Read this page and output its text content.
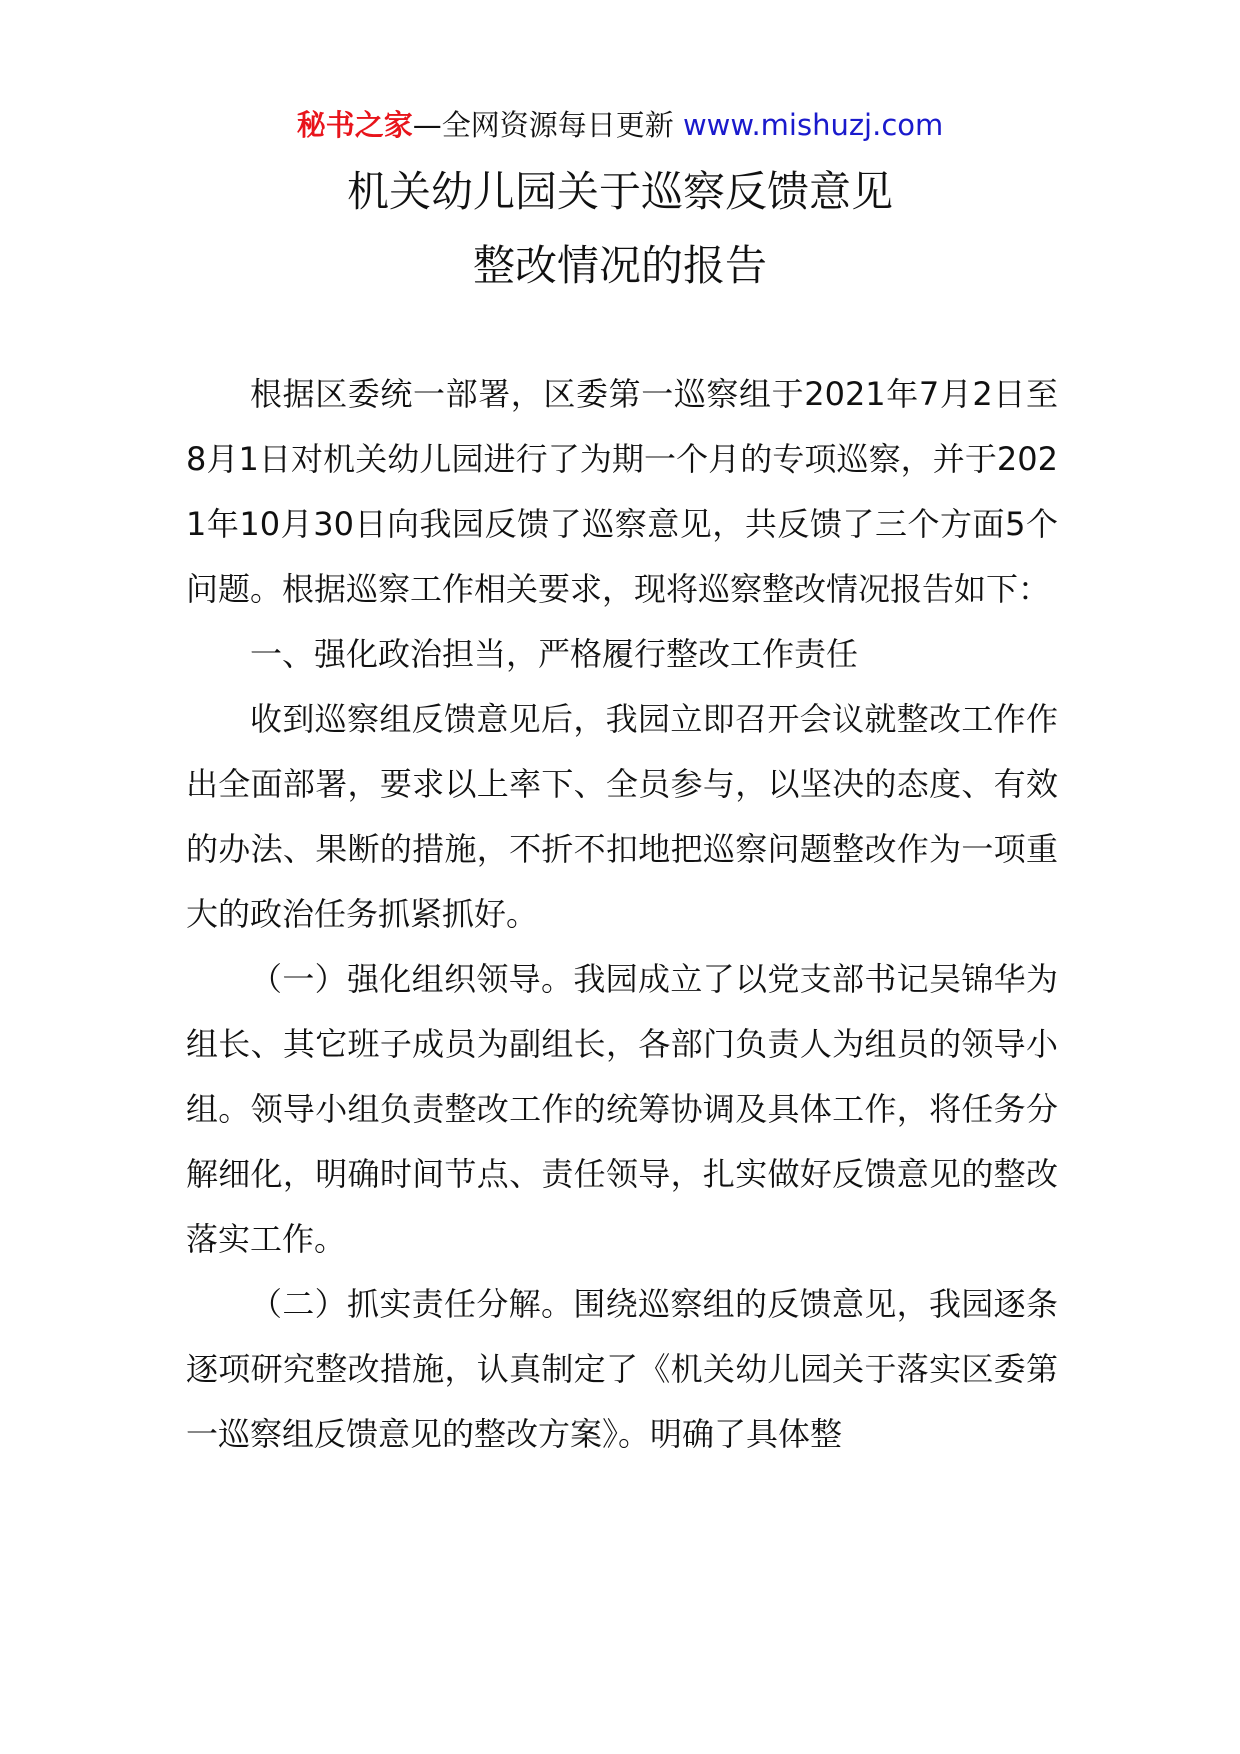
秘书之家—全网资源每日更新 www.mishuzj.com
机关幼儿园关于巡察反馈意见
整改情况的报告

根据区委统一部署，区委第一巡察组于2021年7月2日至8月1日对机关幼儿园进行了为期一个月的专项巡察，并于2021年10月30日向我园反馈了巡察意见，共反馈了三个方面5个问题。根据巡察工作相关要求，现将巡察整改情况报告如下：

一、强化政治担当，严格履行整改工作责任

收到巡察组反馈意见后，我园立即召开会议就整改工作作出全面部署，要求以上率下、全员参与，以坚决的态度、有效的办法、果断的措施，不折不扣地把巡察问题整改作为一项重大的政治任务抓紧抓好。

（一）强化组织领导。我园成立了以党支部书记吴锦华为组长、其它班子成员为副组长，各部门负责人为组员的领导小组。领导小组负责整改工作的统筹协调及具体工作，将任务分解细化，明确时间节点、责任领导，扎实做好反馈意见的整改落实工作。

（二）抓实责任分解。围绕巡察组的反馈意见，我园逐条逐项研究整改措施，认真制定了《机关幼儿园关于落实区委第一巡察组反馈意见的整改方案》。明确了具体整
